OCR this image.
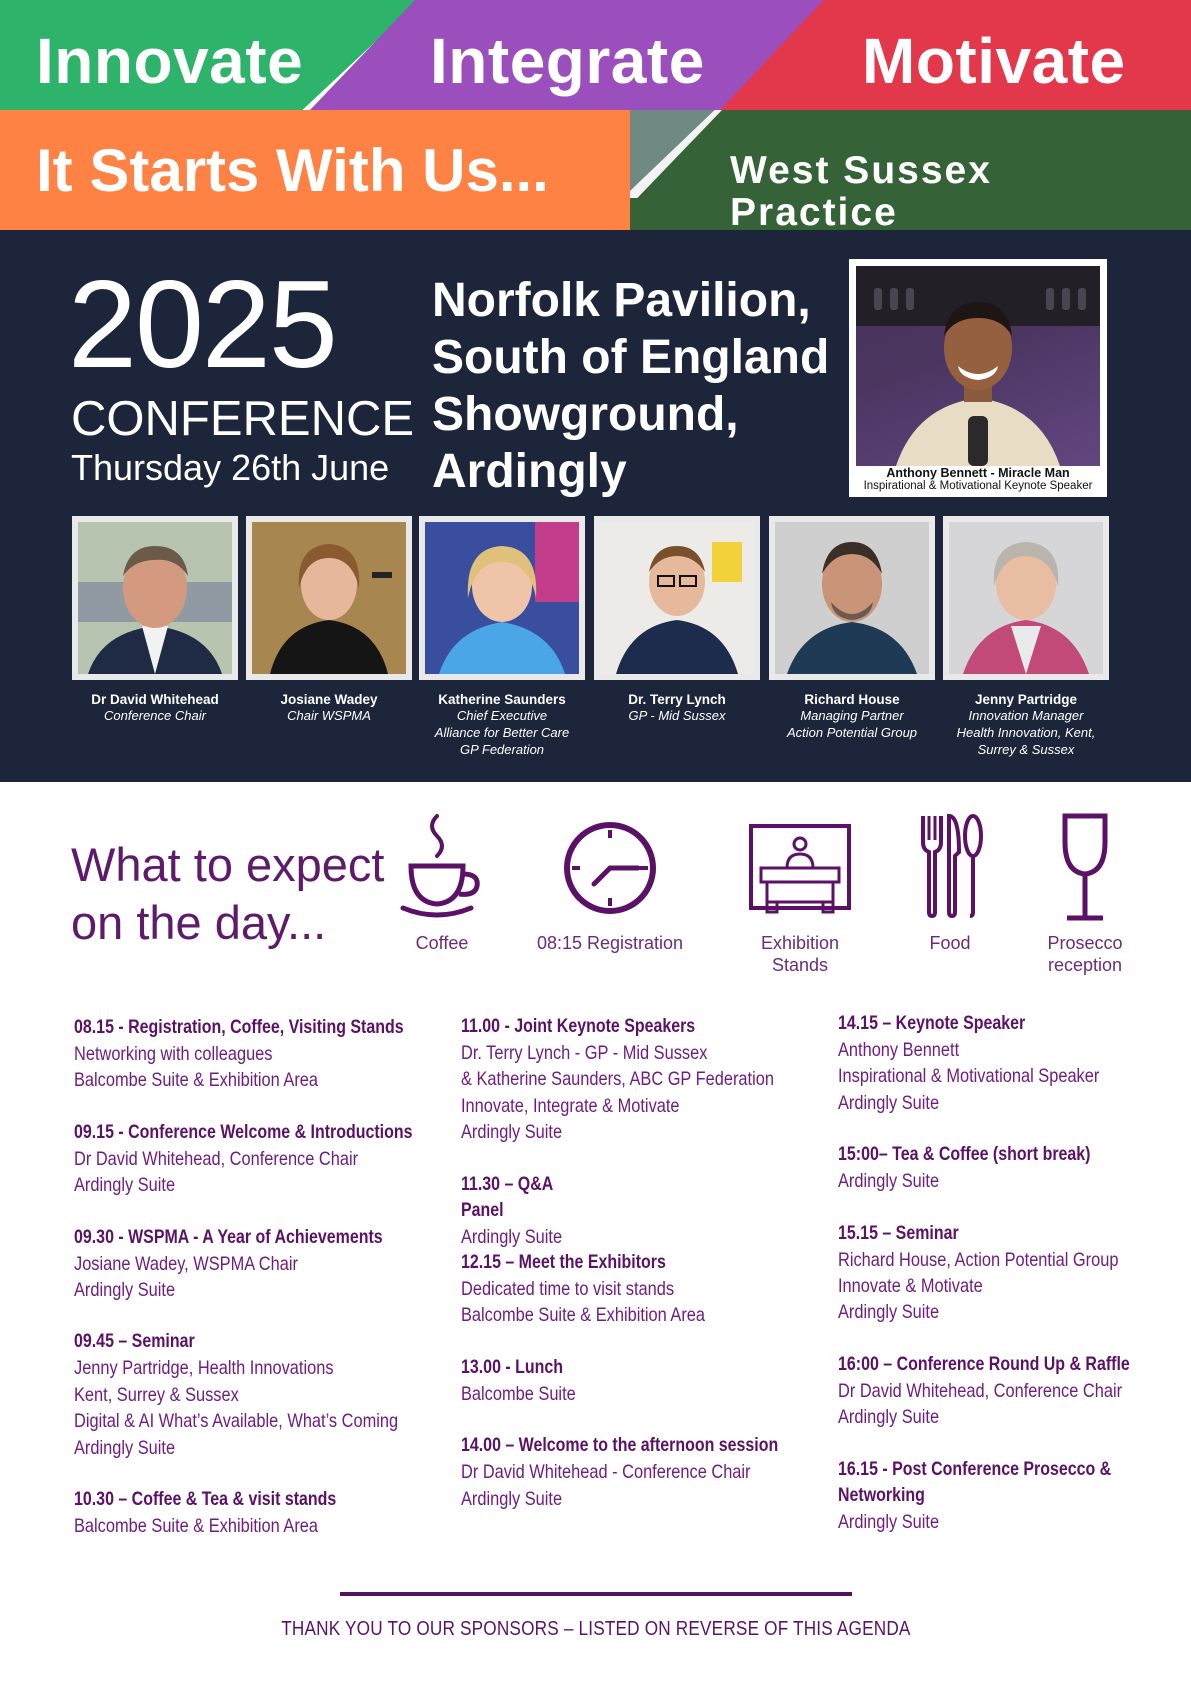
Innovate Integrate Motivate
It Starts With Us...	West Sussex Practice
2025
CONFERENCE
Thursday 26th June
Norfolk Pavilion, South of England Showground, Ardingly	Anthony Bennett - Miracle Man
Inspirational & Motivational Keynote Speaker
Dr David Whitehead
Conference Chair
Josiane Wadey
Chair WSPMA
Katherine Saunders
Chief Executive
Alliance for Better Care
GP Federation
Dr. Terry Lynch
GP - Mid Sussex
Richard House
Managing Partner
Action Potential Group
Jenny Partridge
Innovation Manager
Health Innovation, Kent,
Surrey & Sussex
What to expect
on the day...	Coffee	08:15 Registration	Exhibition
Stands
Food	Prosecco
reception
08.15 - Registration, Coffee, Visiting Stands
Networking with colleagues
Balcombe Suite & Exhibition Area
09.15 - Conference Welcome & Introductions
Dr David Whitehead, Conference Chair
Ardingly Suite
09.30 - WSPMA - A Year of Achievements
Josiane Wadey, WSPMA Chair
Ardingly Suite
09.45 – Seminar
Jenny Partridge, Health Innovations
Kent, Surrey & Sussex
Digital & AI What’s Available, What’s Coming
Ardingly Suite
10.30 – Coffee & Tea & visit stands
Balcombe Suite & Exhibition Area
11.00 - Joint Keynote Speakers
Dr. Terry Lynch - GP - Mid Sussex
& Katherine Saunders, ABC GP Federation
Innovate, Integrate & Motivate
Ardingly Suite
11.30 – Q&A
Panel
Ardingly Suite
12.15 – Meet the Exhibitors
Dedicated time to visit stands
Balcombe Suite & Exhibition Area
13.00 - Lunch
Balcombe Suite
14.00 – Welcome to the afternoon session
Dr David Whitehead - Conference Chair
Ardingly Suite
14.15 – Keynote Speaker
Anthony Bennett
Inspirational & Motivational Speaker
Ardingly Suite
15:00– Tea & Coffee (short break)
Ardingly Suite
15.15 – Seminar
Richard House, Action Potential Group
Innovate & Motivate
Ardingly Suite
16:00 – Conference Round Up & Raffle
Dr David Whitehead, Conference Chair
Ardingly Suite
16.15 - Post Conference Prosecco &
Networking
Ardingly Suite
THANK YOU TO OUR SPONSORS – LISTED ON REVERSE OF THIS AGENDA
